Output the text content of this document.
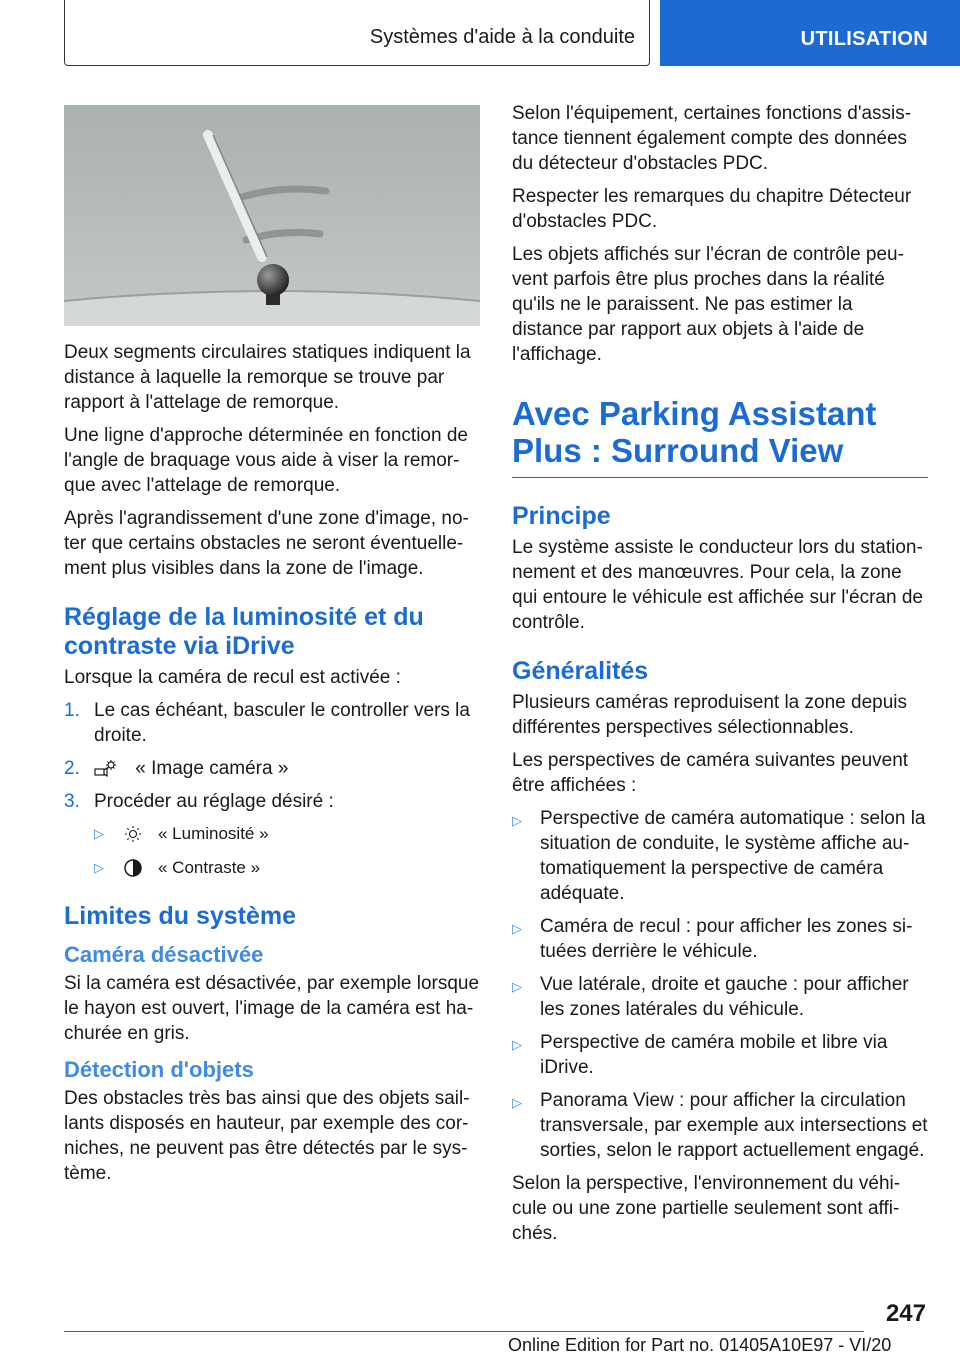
Systèmes d'aide à la conduite	UTILISATION

Deux segments circulaires statiques indiquent la distance à laquelle la remorque se trouve par rapport à l'attelage de remorque.

Une ligne d'approche déterminée en fonction de l'angle de braquage vous aide à viser la remor‐que avec l'attelage de remorque.

Après l'agrandissement d'une zone d'image, no‐ter que certains obstacles ne seront éventuelle‐ment plus visibles dans la zone de l'image.

Réglage de la luminosité et du contraste via iDrive

Lorsque la caméra de recul est activée :

1. Le cas échéant, basculer le controller vers la droite.
2.	« Image caméra »
3. Procéder au réglage désiré :
▷	« Luminosité »
▷	« Contraste »
Limites du système
Caméra désactivée

Si la caméra est désactivée, par exemple lorsque le hayon est ouvert, l'image de la caméra est ha‐churée en gris.

Détection d'objets

Des obstacles très bas ainsi que des objets sail‐lants disposés en hauteur, par exemple des cor‐niches, ne peuvent pas être détectés par le sys‐tème.

Selon l'équipement, certaines fonctions d'assis‐tance tiennent également compte des données du détecteur d'obstacles PDC.

Respecter les remarques du chapitre Détecteur d'obstacles PDC.

Les objets affichés sur l'écran de contrôle peu‐vent parfois être plus proches dans la réalité qu'ils ne le paraissent. Ne pas estimer la distance par rapport aux objets à l'aide de l'affichage.

Avec Parking Assistant Plus : Surround View
Principe

Le système assiste le conducteur lors du station‐nement et des manœuvres. Pour cela, la zone qui entoure le véhicule est affichée sur l'écran de contrôle.

Généralités

Plusieurs caméras reproduisent la zone depuis différentes perspectives sélectionnables.

Les perspectives de caméra suivantes peuvent être affichées :

▷ Perspective de caméra automatique : selon la situation de conduite, le système affiche au‐tomatiquement la perspective de caméra adéquate.
▷ Caméra de recul : pour afficher les zones si‐tuées derrière le véhicule.
▷ Vue latérale, droite et gauche : pour afficher les zones latérales du véhicule.
▷ Perspective de caméra mobile et libre via iDrive.
▷ Panorama View : pour afficher la circulation transversale, par exemple aux intersections et sorties, selon le rapport actuellement engagé.

Selon la perspective, l'environnement du véhi‐cule ou une zone partielle seulement sont affi‐chés.

247
Online Edition for Part no. 01405A10E97 - VI/20
